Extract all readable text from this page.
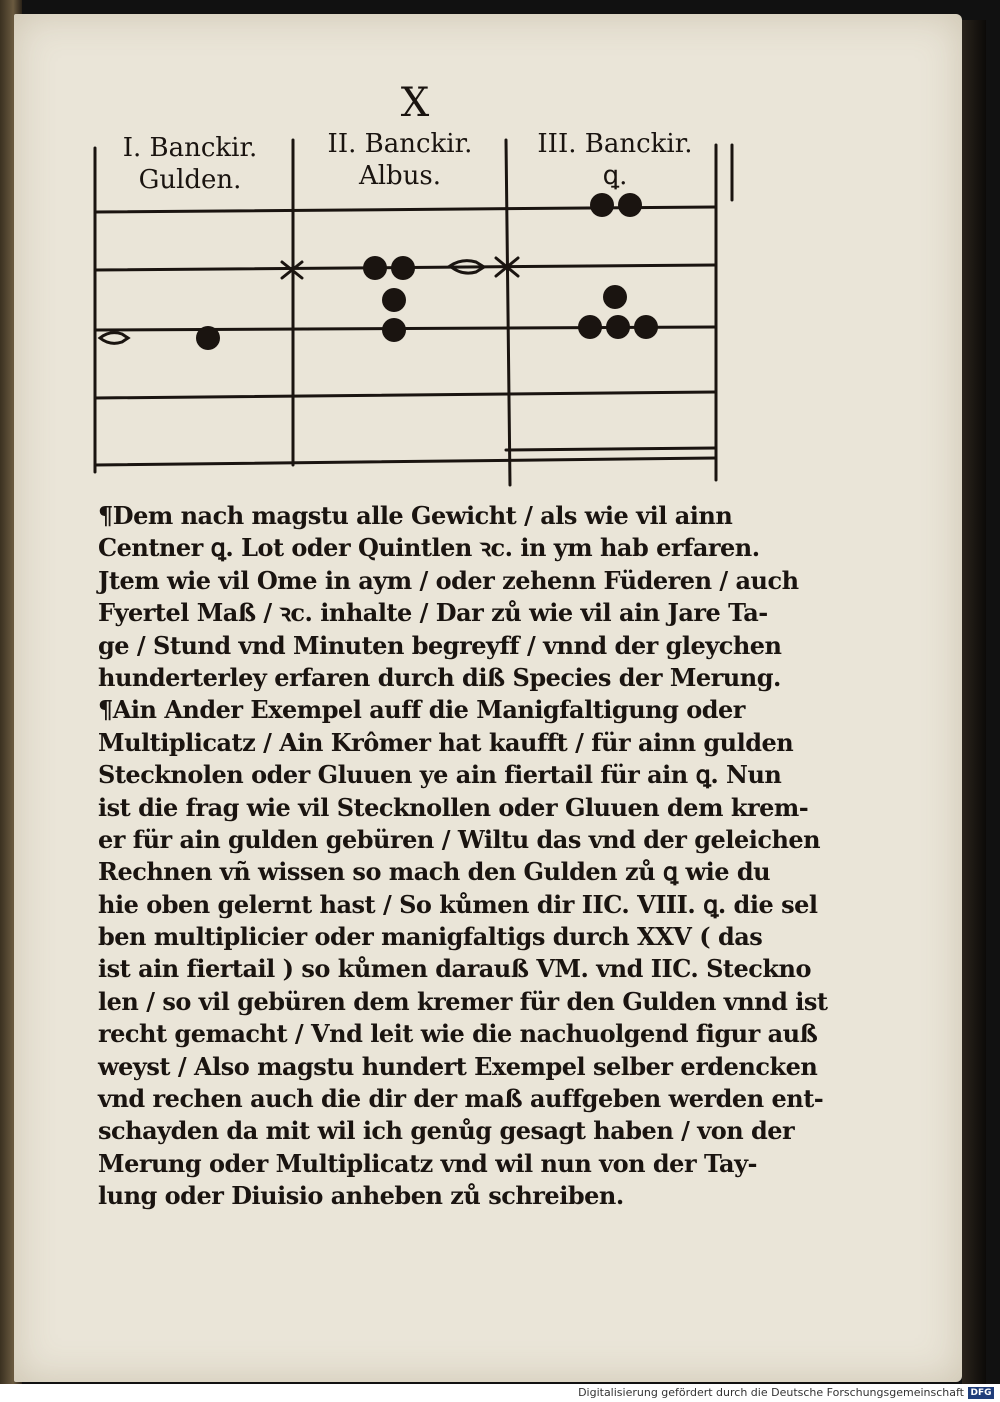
X
I. Banckir.
Gulden.
II. Banckir.
Albus.
III. Banckir.
ꝗ.
¶Dem nach magstu alle Gewicht / als wie vil ainn
Centner ꝗ. Lot oder Quintlen ꝛc. in ym hab erfaren.
Jtem wie vil Ome in aym / oder zehenn Füderen / auch
Fyertel Maß / ꝛc. inhalte / Dar zů wie vil ain Jare Ta-
ge / Stund vnd Minuten begreyff / vnnd der gleychen
hunderterley erfaren durch diß Species der Merung.
¶Ain Ander Exempel auff die Manigfaltigung oder
Multiplicatz / Ain Krômer hat kaufft / für ainn gulden
Stecknolen oder Gluuen ye ain fiertail für ain ꝗ. Nun
ist die frag wie vil Stecknollen oder Gluuen dem krem-
er für ain gulden gebüren / Wiltu das vnd der geleichen
Rechnen vñ wissen so mach den Gulden zů ꝗ wie du
hie oben gelernt hast / So kůmen dir IIC. VIII. ꝗ. die sel
ben multiplicier oder manigfaltigs durch XXV ( das
ist ain fiertail ) so kůmen darauß VM. vnd IIC. Steckno
len / so vil gebüren dem kremer für den Gulden vnnd ist
recht gemacht / Vnd leit wie die nachuolgend figur auß
weyst / Also magstu hundert Exempel selber erdencken
vnd rechen auch die dir der maß auffgeben werden ent-
schayden da mit wil ich genůg gesagt haben / von der
Merung oder Multiplicatz vnd wil nun von der Tay-
lung oder Diuisio anheben zů schreiben.
Digitalisierung gefördert durch die Deutsche Forschungsgemeinschaft DFG
